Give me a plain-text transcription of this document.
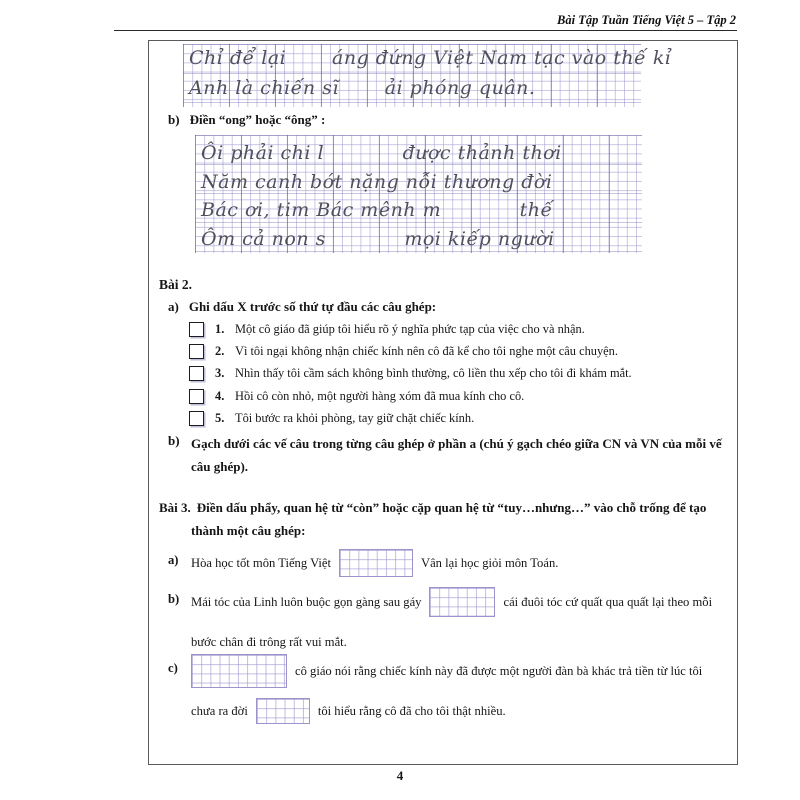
Bài Tập Tuần Tiếng Việt 5 – Tập 2
Chỉ để lại       áng đứng Việt Nam tạc vào thế kỉ
Anh là chiến sĩ       ải phóng quân.
b) Điền “ong” hoặc “ông” :
Ôi phải chi l            được thảnh thơi
Năm canh bớt nặng nỗi thương đời
Bác ơi, tim Bác mênh m            thế
Ôm cả non s            mọi kiếp người
Bài 2.
a) Ghi dấu X trước số thứ tự đầu các câu ghép:
1. Một cô giáo đã giúp tôi hiểu rõ ý nghĩa phức tạp của việc cho và nhận.
2. Vì tôi ngại không nhận chiếc kính nên cô đã kể cho tôi nghe một câu chuyện.
3. Nhìn thấy tôi cầm sách không bình thường, cô liền thu xếp cho tôi đi khám mắt.
4. Hồi cô còn nhỏ, một người hàng xóm đã mua kính cho cô.
5. Tôi bước ra khỏi phòng, tay giữ chặt chiếc kính.
b) Gạch dưới các vế câu trong từng câu ghép ở phần a (chú ý gạch chéo giữa CN và VN của mỗi vế câu ghép).
Bài 3. Điền dấu phẩy, quan hệ từ “còn” hoặc cặp quan hệ từ “tuy…nhưng…” vào chỗ trống để tạo thành một câu ghép:
a) Hòa học tốt môn Tiếng Việt	Vân lại học giỏi môn Toán.
b) Mái tóc của Linh luôn buộc gọn gàng sau gáy	cái đuôi tóc cứ quất qua quất lại theo mỗi bước chân đi trông rất vui mắt.
c)	cô giáo nói rằng chiếc kính này đã được một người đàn bà khác trả tiền từ lúc tôi chưa ra đời	tôi hiểu rằng cô đã cho tôi thật nhiều.
4
